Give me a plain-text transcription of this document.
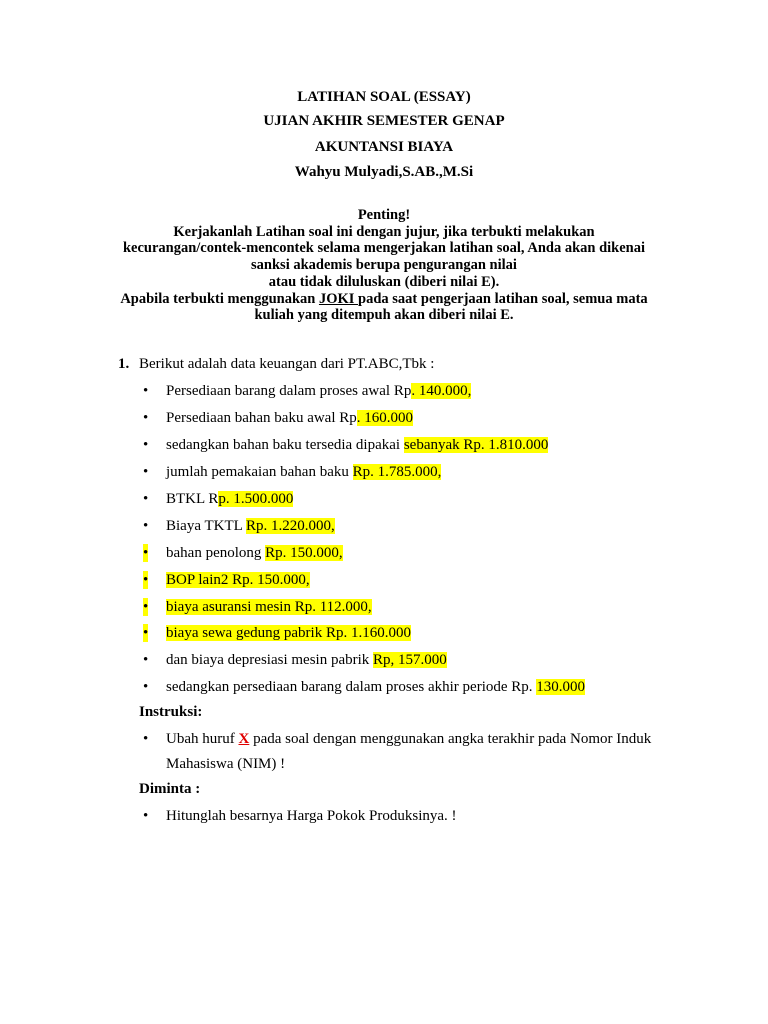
LATIHAN SOAL (ESSAY)
UJIAN AKHIR SEMESTER GENAP
AKUNTANSI BIAYA
Wahyu Mulyadi,S.AB.,M.Si
Penting!
Kerjakanlah Latihan soal ini dengan jujur, jika terbukti melakukan
kecurangan/contek-mencontek selama mengerjakan latihan soal, Anda akan dikenai
sanksi akademis berupa pengurangan nilai
atau tidak diluluskan (diberi nilai E).
Apabila terbukti menggunakan JOKI pada saat pengerjaan latihan soal, semua mata
kuliah yang ditempuh akan diberi nilai E.
1. Berikut adalah data keuangan dari PT.ABC,Tbk :
• Persediaan barang dalam proses awal Rp. 140.000,
• Persediaan bahan baku awal Rp. 160.000
• sedangkan bahan baku tersedia dipakai sebanyak Rp. 1.810.000
• jumlah pemakaian bahan baku Rp. 1.785.000,
• BTKL Rp. 1.500.000
• Biaya TKTL Rp. 1.220.000,
• bahan penolong Rp. 150.000,
• BOP lain2 Rp. 150.000,
• biaya asuransi mesin Rp. 112.000,
• biaya sewa gedung pabrik Rp. 1.160.000
• dan biaya depresiasi mesin pabrik Rp, 157.000
• sedangkan persediaan barang dalam proses akhir periode Rp. 130.000
Instruksi:
• Ubah huruf X pada soal dengan menggunakan angka terakhir pada Nomor Induk
Mahasiswa (NIM) !
Diminta :
• Hitunglah besarnya Harga Pokok Produksinya. !
